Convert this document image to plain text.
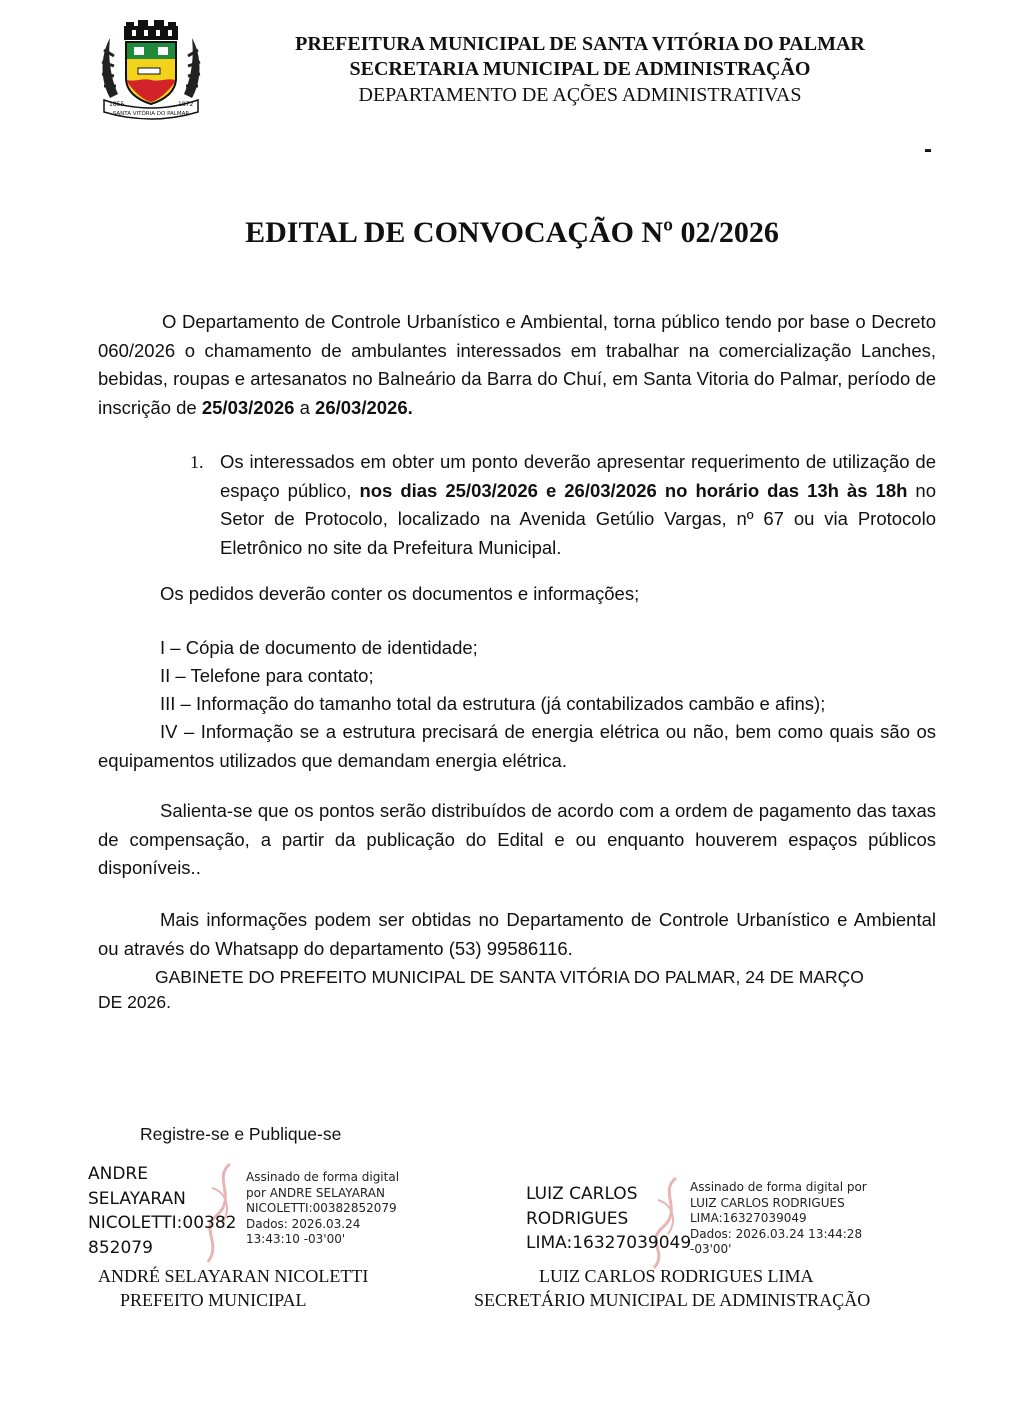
1855	1872
SANTA VITÓRIA DO PALMAR
PREFEITURA MUNICIPAL DE SANTA VITÓRIA DO PALMAR
SECRETARIA MUNICIPAL DE ADMINISTRAÇÃO
DEPARTAMENTO DE AÇÕES ADMINISTRATIVAS
-
EDITAL DE CONVOCAÇÃO Nº 02/2026
O Departamento de Controle Urbanístico e Ambiental, torna público tendo por base o Decreto 060/2026 o chamamento de ambulantes interessados em trabalhar na comercialização Lanches, bebidas, roupas e artesanatos no Balneário da Barra do Chuí, em Santa Vitoria do Palmar, período de inscrição de 25/03/2026 a 26/03/2026.
1. Os interessados em obter um ponto deverão apresentar requerimento de utilização de espaço público, nos dias 25/03/2026 e 26/03/2026 no horário das 13h às 18h no Setor de Protocolo, localizado na Avenida Getúlio Vargas, nº 67 ou via Protocolo Eletrônico no site da Prefeitura Municipal.
Os pedidos deverão conter os documentos e informações;
I – Cópia de documento de identidade;
II – Telefone para contato;
III – Informação do tamanho total da estrutura (já contabilizados cambão e afins);
IV – Informação se a estrutura precisará de energia elétrica ou não, bem como quais são os equipamentos utilizados que demandam energia elétrica.
Salienta-se que os pontos serão distribuídos de acordo com a ordem de pagamento das taxas de compensação, a partir da publicação do Edital e ou enquanto houverem espaços públicos disponíveis..
Mais informações podem ser obtidas no Departamento de Controle Urbanístico e Ambiental ou através do Whatsapp do departamento (53) 99586116.
GABINETE DO PREFEITO MUNICIPAL DE SANTA VITÓRIA DO PALMAR, 24 DE MARÇO
DE 2026.
Registre-se e Publique-se
ANDRE
SELAYARAN
NICOLETTI:00382
852079
Assinado de forma digital
por ANDRE SELAYARAN
NICOLETTI:00382852079
Dados: 2026.03.24
13:43:10 -03'00'
ANDRÉ SELAYARAN NICOLETTI
PREFEITO MUNICIPAL
LUIZ CARLOS
RODRIGUES
LIMA:16327039049
Assinado de forma digital por
LUIZ CARLOS RODRIGUES
LIMA:16327039049
Dados: 2026.03.24 13:44:28
-03'00'
LUIZ CARLOS RODRIGUES LIMA
SECRETÁRIO MUNICIPAL DE ADMINISTRAÇÃO
